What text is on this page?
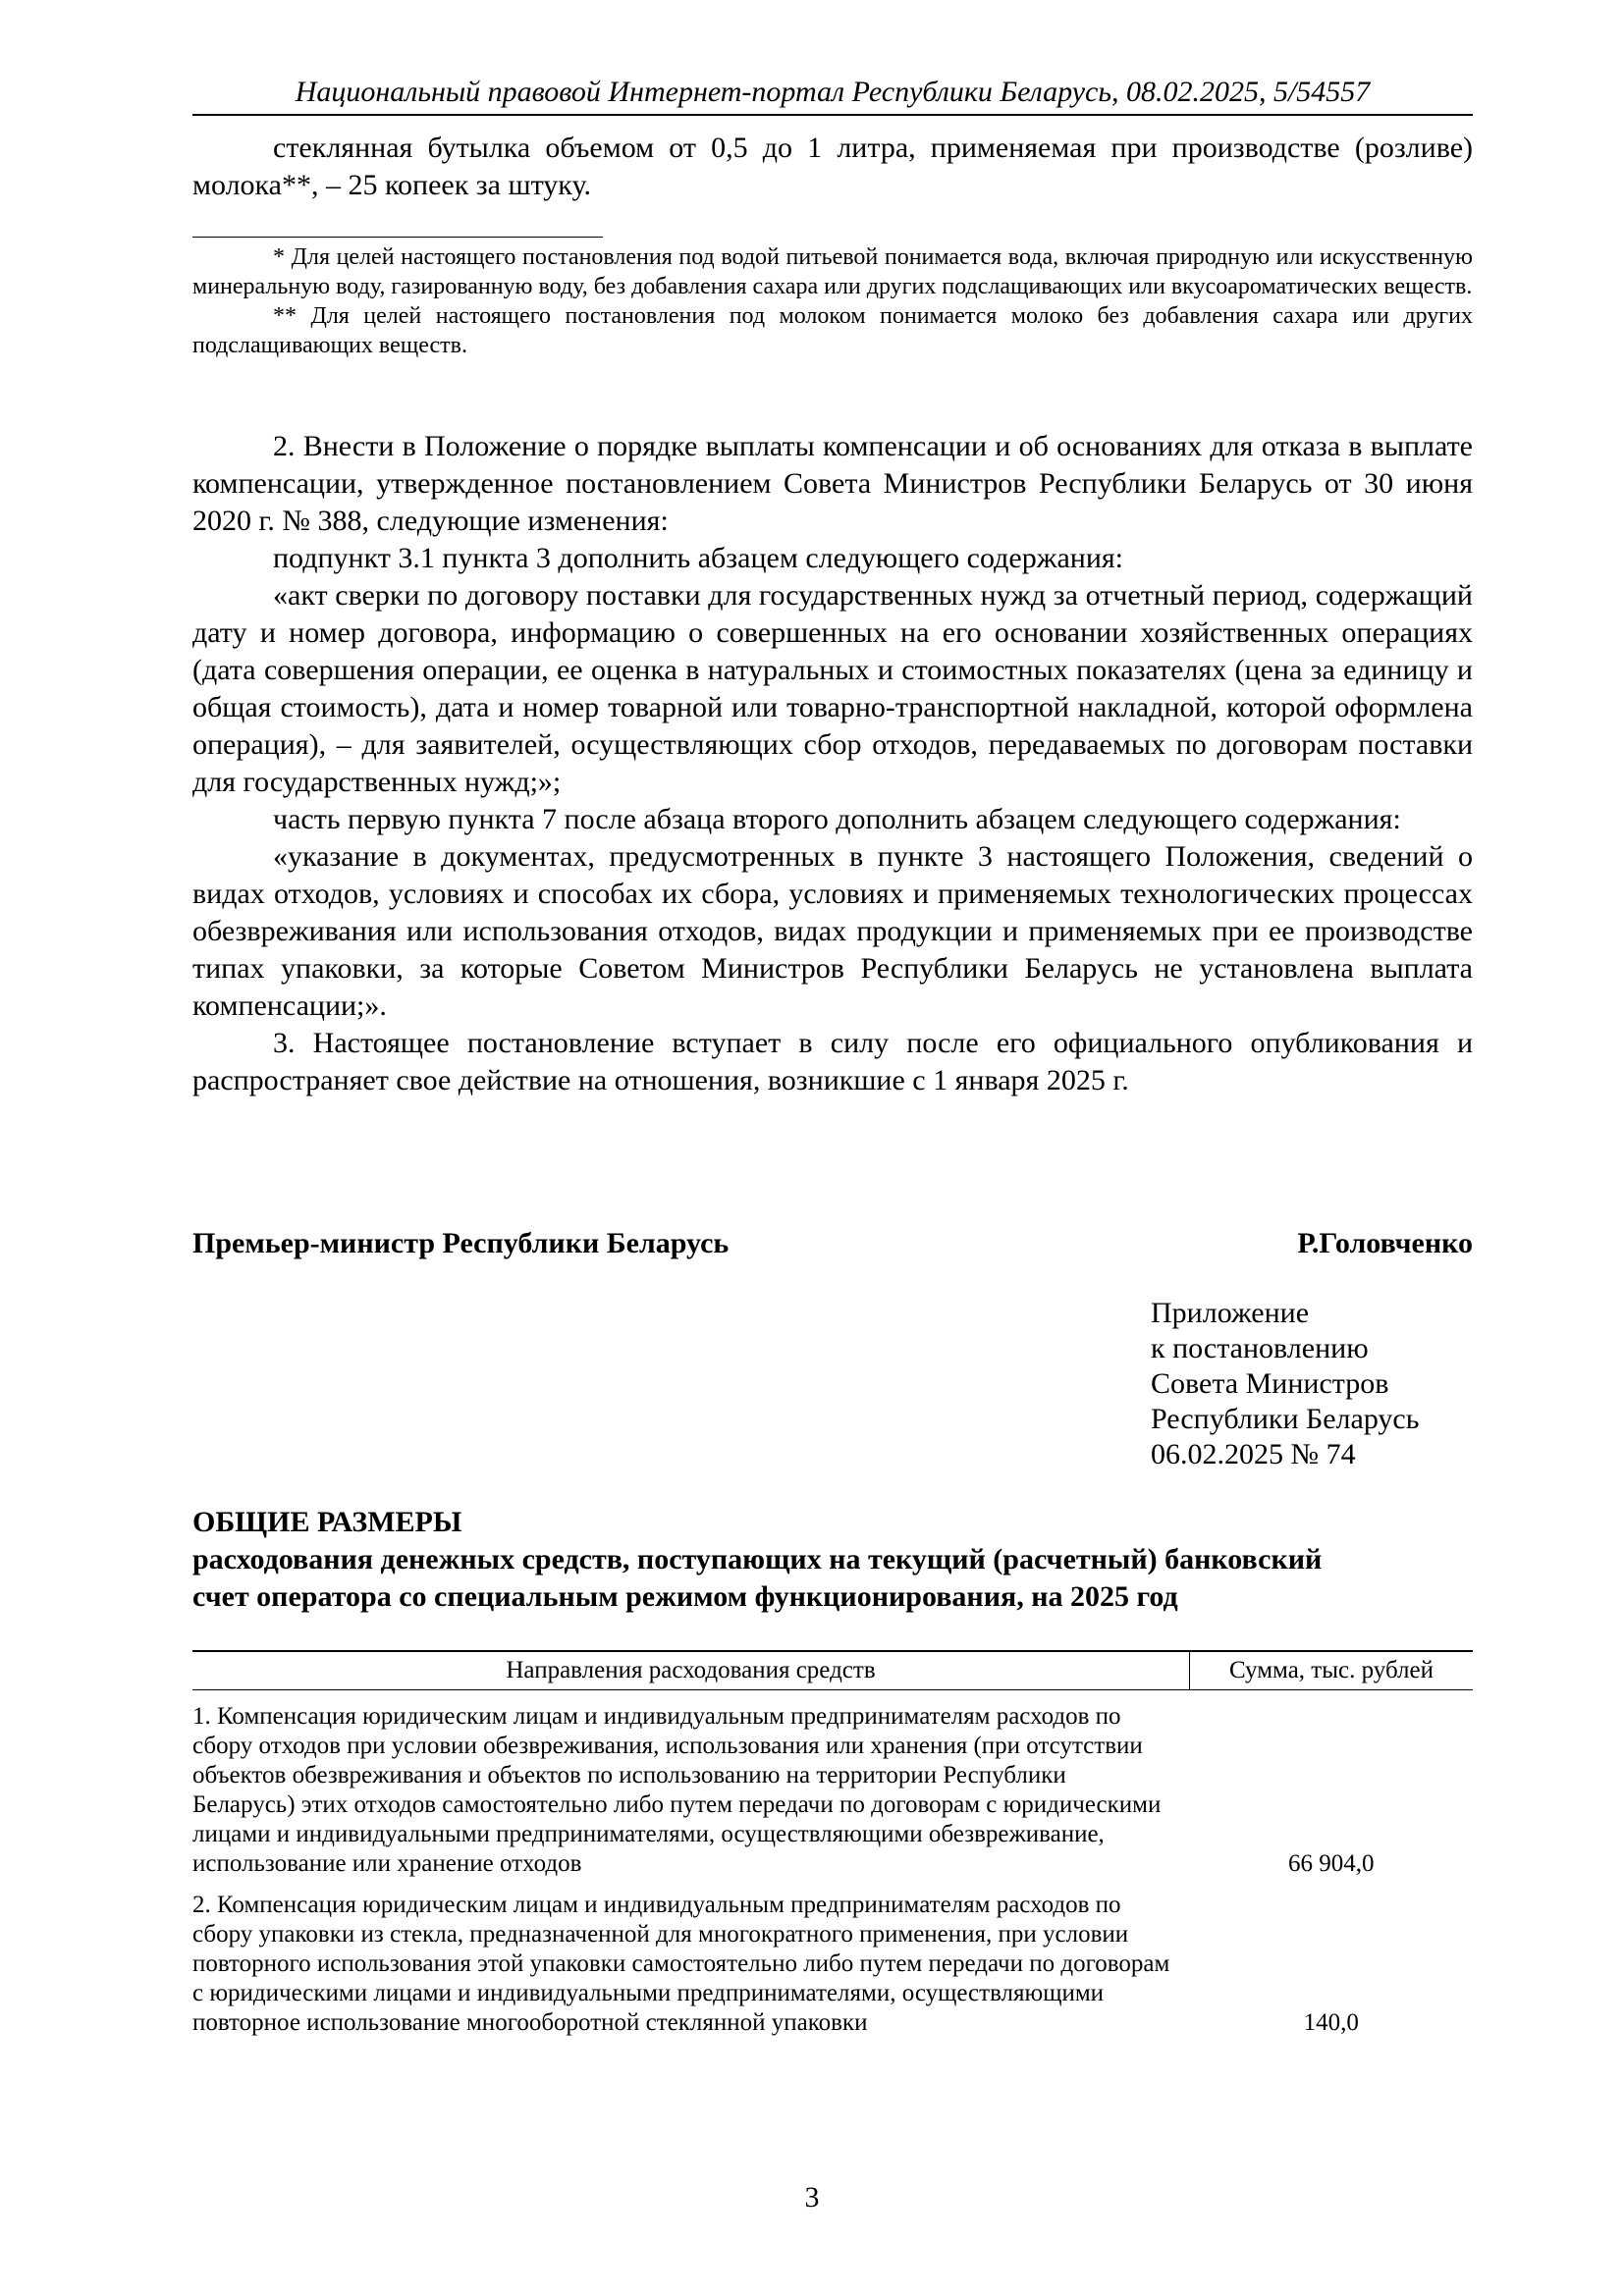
Национальный правовой Интернет-портал Республики Беларусь, 08.02.2025, 5/54557

стеклянная бутылка объемом от 0,5 до 1 литра, применяемая при производстве (розливе) молока**, – 25 копеек за штуку.

* Для целей настоящего постановления под водой питьевой понимается вода, включая природную или искусственную минеральную воду, газированную воду, без добавления сахара или других подслащивающих или вкусоароматических веществ.

** Для целей настоящего постановления под молоком понимается молоко без добавления сахара или других подслащивающих веществ.

2. Внести в Положение о порядке выплаты компенсации и об основаниях для отказа в выплате компенсации, утвержденное постановлением Совета Министров Республики Беларусь от 30 июня 2020 г. № 388, следующие изменения:

подпункт 3.1 пункта 3 дополнить абзацем следующего содержания:

«акт сверки по договору поставки для государственных нужд за отчетный период, содержащий дату и номер договора, информацию о совершенных на его основании хозяйственных операциях (дата совершения операции, ее оценка в натуральных и стоимостных показателях (цена за единицу и общая стоимость), дата и номер товарной или товарно-транспортной накладной, которой оформлена операция), – для заявителей, осуществляющих сбор отходов, передаваемых по договорам поставки для государственных нужд;»;

часть первую пункта 7 после абзаца второго дополнить абзацем следующего содержания:

«указание в документах, предусмотренных в пункте 3 настоящего Положения, сведений о видах отходов, условиях и способах их сбора, условиях и применяемых технологических процессах обезвреживания или использования отходов, видах продукции и применяемых при ее производстве типах упаковки, за которые Советом Министров Республики Беларусь не установлена выплата компенсации;».

3. Настоящее постановление вступает в силу после его официального опубликования и распространяет свое действие на отношения, возникшие с 1 января 2025 г.

Премьер-министр Республики Беларусь	Р.Головченко
Приложение
к постановлению
Совета Министров
Республики Беларусь
06.02.2025 № 74
ОБЩИЕ РАЗМЕРЫ
расходования денежных средств, поступающих на текущий (расчетный) банковский
счет оператора со специальным режимом функционирования, на 2025 год
Направления расходования средств	Сумма, тыс. рублей
1. Компенсация юридическим лицам и индивидуальным предпринимателям расходов по сбору отходов при условии обезвреживания, использования или хранения (при отсутствии объектов обезвреживания и объектов по использованию на территории Республики Беларусь) этих отходов самостоятельно либо путем передачи по договорам с юридическими лицами и индивидуальными предпринимателями, осуществляющими обезвреживание, использование или хранение отходов	66 904,0
2. Компенсация юридическим лицам и индивидуальным предпринимателям расходов по сбору упаковки из стекла, предназначенной для многократного применения, при условии повторного использования этой упаковки самостоятельно либо путем передачи по договорам с юридическими лицами и индивидуальными предпринимателями, осуществляющими повторное использование многооборотной стеклянной упаковки	140,0
3
